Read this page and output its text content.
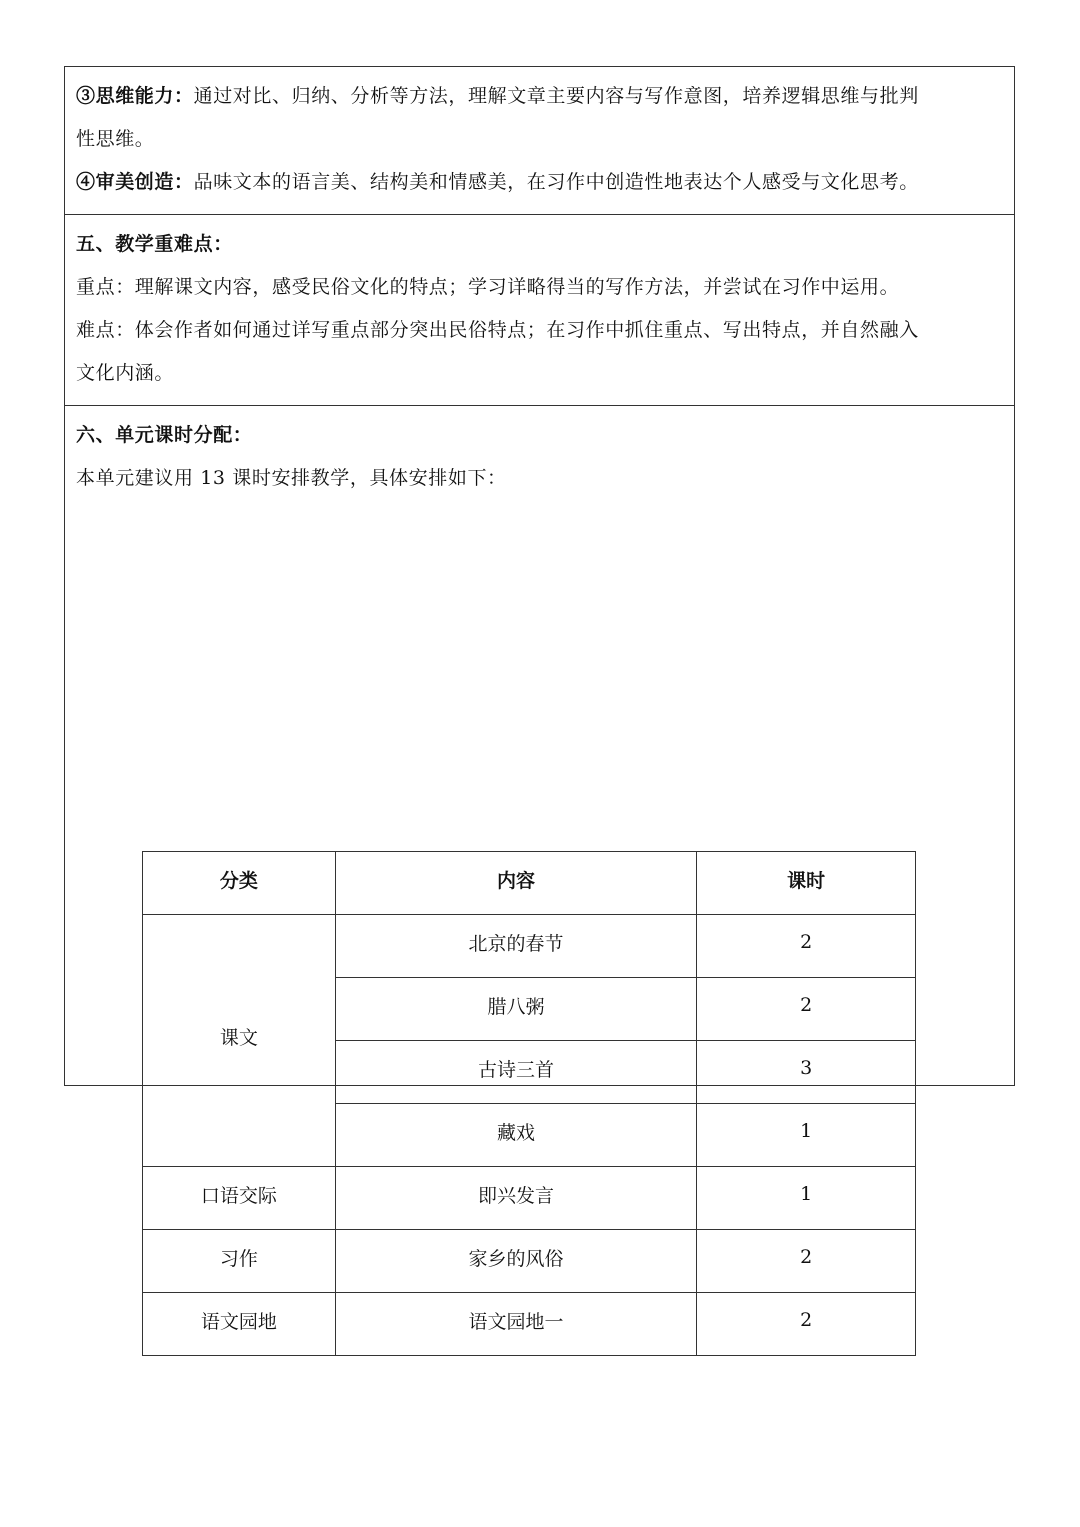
③思维能力：通过对比、归纳、分析等方法，理解文章主要内容与写作意图，培养逻辑思维与批判
性思维。
④审美创造：品味文本的语言美、结构美和情感美，在习作中创造性地表达个人感受与文化思考。
五、教学重难点：
重点：理解课文内容，感受民俗文化的特点；学习详略得当的写作方法，并尝试在习作中运用。
难点：体会作者如何通过详写重点部分突出民俗特点；在习作中抓住重点、写出特点，并自然融入
文化内涵。
六、单元课时分配：
本单元建议用 13 课时安排教学，具体安排如下：
分类	内容	课时
课文	北京的春节	2
	腊八粥	2
	古诗三首	3
	藏戏	1
口语交际	即兴发言	1
习作	家乡的风俗	2
语文园地	语文园地一	2
